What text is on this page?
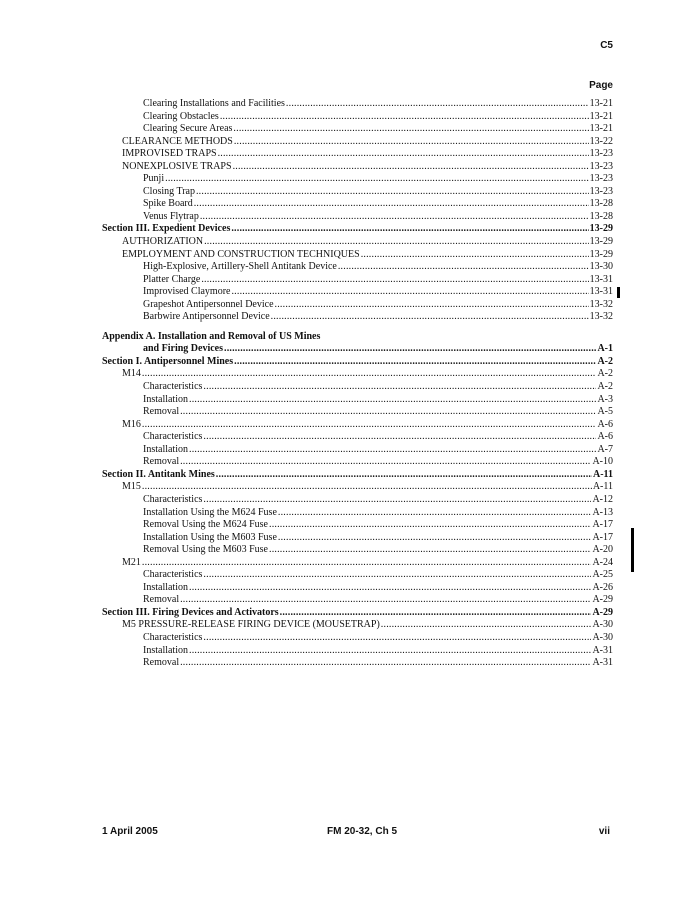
C5
Page
Clearing Installations and Facilities .....	13-21
Clearing Obstacles .....	13-21
Clearing Secure Areas .....	13-21
CLEARANCE METHODS .....	13-22
IMPROVISED TRAPS .....	13-23
NONEXPLOSIVE TRAPS .....	13-23
Punji .....	13-23
Closing Trap .....	13-23
Spike Board .....	13-28
Venus Flytrap .....	13-28
Section III. Expedient Devices .....	13-29
AUTHORIZATION .....	13-29
EMPLOYMENT AND CONSTRUCTION TECHNIQUES .....	13-29
High-Explosive, Artillery-Shell Antitank Device .....	13-30
Platter Charge .....	13-31
Improvised Claymore .....	13-31
Grapeshot Antipersonnel Device .....	13-32
Barbwire Antipersonnel Device .....	13-32
Appendix A. Installation and Removal of US Mines
and Firing Devices .....	A-1
Section I. Antipersonnel Mines .....	A-2
M14 .....	A-2
Characteristics .....	A-2
Installation .....	A-3
Removal .....	A-5
M16 .....	A-6
Characteristics .....	A-6
Installation .....	A-7
Removal .....	A-10
Section II. Antitank Mines .....	A-11
M15 .....	A-11
Characteristics .....	A-12
Installation Using the M624 Fuse .....	A-13
Removal Using the M624 Fuse .....	A-17
Installation Using the M603 Fuse .....	A-17
Removal Using the M603 Fuse .....	A-20
M21 .....	A-24
Characteristics .....	A-25
Installation .....	A-26
Removal .....	A-29
Section III. Firing Devices and Activators .....	A-29
M5 PRESSURE-RELEASE FIRING DEVICE (MOUSETRAP) .....	A-30
Characteristics .....	A-30
Installation .....	A-31
Removal .....	A-31
1 April 2005	FM 20-32, Ch 5	vii
